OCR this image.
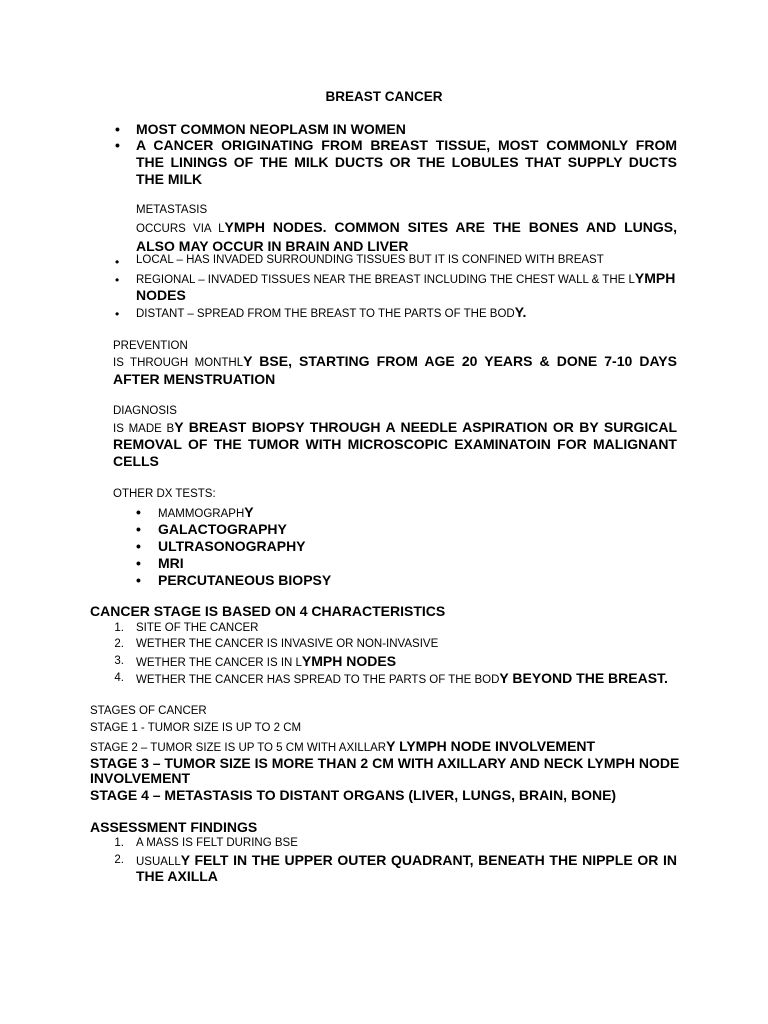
BREAST CANCER
• MOST COMMON NEOPLASM IN WOMEN
• A CANCER ORIGINATING FROM BREAST TISSUE, MOST COMMONLY FROM THE LININGS OF THE MILK DUCTS OR THE LOBULES THAT SUPPLY DUCTS THE MILK
METASTASIS
OCCURS VIA LYMPH NODES. COMMON SITES ARE THE BONES AND LUNGS, ALSO MAY OCCUR IN BRAIN AND LIVER
• LOCAL – HAS INVADED SURROUNDING TISSUES BUT IT IS CONFINED WITH BREAST
• REGIONAL – INVADED TISSUES NEAR THE BREAST INCLUDING THE CHEST WALL & THE LYMPH
NODES
• DISTANT – SPREAD FROM THE BREAST TO THE PARTS OF THE BODY.
PREVENTION
IS THROUGH MONTHLY BSE, STARTING FROM AGE 20 YEARS & DONE 7-10 DAYS
AFTER MENSTRUATION
DIAGNOSIS
IS MADE BY BREAST BIOPSY THROUGH A NEEDLE ASPIRATION OR BY SURGICAL
REMOVAL OF THE TUMOR WITH MICROSCOPIC EXAMINATOIN FOR MALIGNANT
CELLS
OTHER DX TESTS:
• MAMMOGRAPHY
• GALACTOGRAPHY
• ULTRASONOGRAPHY
• MRI
• PERCUTANEOUS BIOPSY
CANCER STAGE IS BASED ON 4 CHARACTERISTICS
1. SITE OF THE CANCER
2. WETHER THE CANCER IS INVASIVE OR NON-INVASIVE
3. WETHER THE CANCER IS IN LYMPH NODES
4. WETHER THE CANCER HAS SPREAD TO THE PARTS OF THE BODY BEYOND THE BREAST.
STAGES OF CANCER
STAGE 1 - TUMOR SIZE IS UP TO 2 CM
STAGE 2 – TUMOR SIZE IS UP TO 5 CM WITH AXILLARY LYMPH NODE INVOLVEMENT
STAGE 3 – TUMOR SIZE IS MORE THAN 2 CM WITH AXILLARY AND NECK LYMPH NODE
INVOLVEMENT
STAGE 4 – METASTASIS TO DISTANT ORGANS (LIVER, LUNGS, BRAIN, BONE)
ASSESSMENT FINDINGS
1. A MASS IS FELT DURING BSE
2. USUALLY FELT IN THE UPPER OUTER QUADRANT, BENEATH THE NIPPLE OR IN
THE AXILLA
